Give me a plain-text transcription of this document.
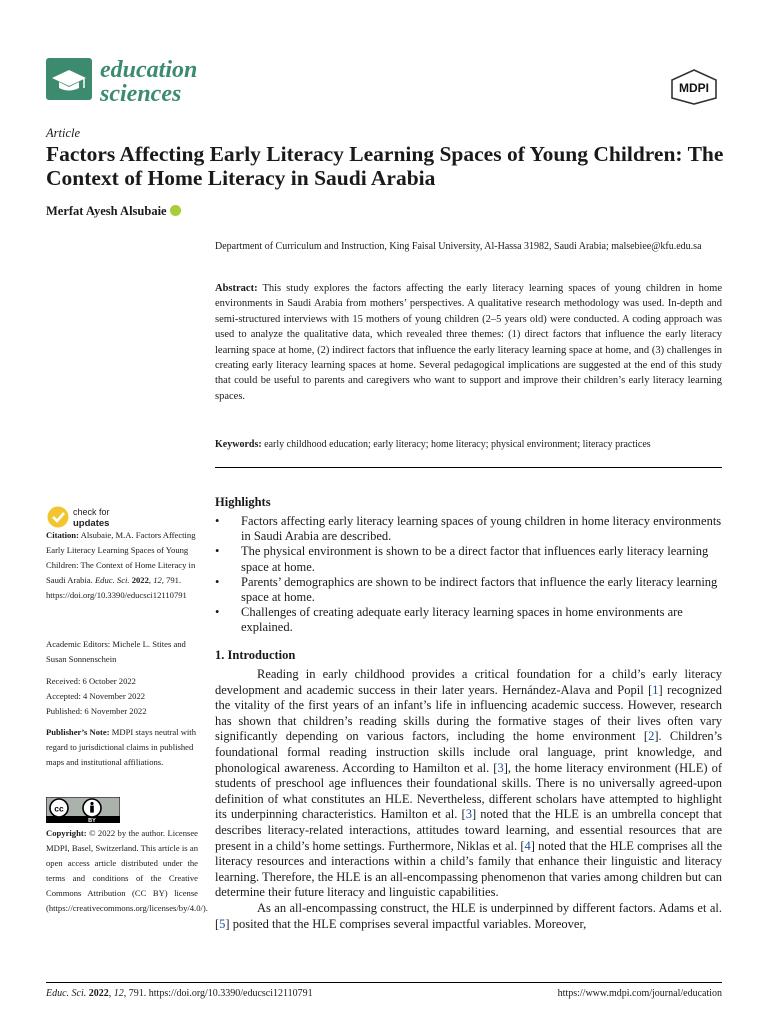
education
sciences	MDPI
Article
Factors Affecting Early Literacy Learning Spaces of Young Children: The Context of Home Literacy in Saudi Arabia
Merfat Ayesh Alsubaie
Department of Curriculum and Instruction, King Faisal University, Al-Hassa 31982, Saudi Arabia; malsebiee@kfu.edu.sa
Abstract: This study explores the factors affecting the early literacy learning spaces of young children in home environments in Saudi Arabia from mothers’ perspectives. A qualitative research methodology was used. In-depth and semi-structured interviews with 15 mothers of young children (2–5 years old) were conducted. A coding approach was used to analyze the qualitative data, which revealed three themes: (1) direct factors that influence the early literacy learning space at home, (2) indirect factors that influence the early literacy learning space at home, and (3) challenges in creating early literacy learning spaces at home. Several pedagogical implications are suggested at the end of this study that could be useful to parents and caregivers who want to support and improve their children’s early literacy learning spaces.
Keywords: early childhood education; early literacy; home literacy; physical environment; literacy practices
Highlights
• Factors affecting early literacy learning spaces of young children in home literacy environments in Saudi Arabia are described.
• The physical environment is shown to be a direct factor that influences early literacy learning space at home.
• Parents’ demographics are shown to be indirect factors that influence the early literacy learning space at home.
• Challenges of creating adequate early literacy learning spaces in home environments are explained.
1. Introduction

Reading in early childhood provides a critical foundation for a child’s early literacy development and academic success in their later years. Hernández-Alava and Popil [1] recognized the vitality of the first years of an infant’s life in influencing academic success. However, research has shown that children’s reading skills during the formative stages of their lives often vary significantly depending on various factors, including the home environment [2]. Children’s foundational formal reading instruction skills include oral language, print knowledge, and phonological awareness. According to Hamilton et al. [3], the home literacy environment (HLE) of students of preschool age influences their foundational skills. There is no universally agreed-upon definition of what constitutes an HLE. Nevertheless, different scholars have attempted to highlight its underpinning characteristics. Hamilton et al. [3] noted that the HLE is an umbrella concept that describes literacy-related interactions, attitudes toward learning, and essential resources that are present in a child’s home settings. Furthermore, Niklas et al. [4] noted that the HLE comprises all the literacy resources and interactions within a child’s family that enhance their linguistic and literacy learning. Therefore, the HLE is an all-encompassing phenomenon that varies among children but can determine their future literacy and linguistic capabilities.

As an all-encompassing construct, the HLE is underpinned by different factors. Adams et al. [5] posited that the HLE comprises several impactful variables. Moreover,

check for
updates
Citation: Alsubaie, M.A. Factors Affecting Early Literacy Learning Spaces of Young Children: The Context of Home Literacy in Saudi Arabia. Educ. Sci. 2022, 12, 791. https://doi.org/10.3390/educsci12110791
Academic Editors: Michele L. Stites and Susan Sonnenschein
Received: 6 October 2022
Accepted: 4 November 2022
Published: 6 November 2022
Publisher’s Note: MDPI stays neutral with regard to jurisdictional claims in published maps and institutional affiliations.
cc
BY
Copyright: © 2022 by the author. Licensee MDPI, Basel, Switzerland. This article is an open access article distributed under the terms and conditions of the Creative Commons Attribution (CC BY) license (https://creativecommons.org/licenses/by/4.0/).
Educ. Sci. 2022, 12, 791. https://doi.org/10.3390/educsci12110791	https://www.mdpi.com/journal/education
